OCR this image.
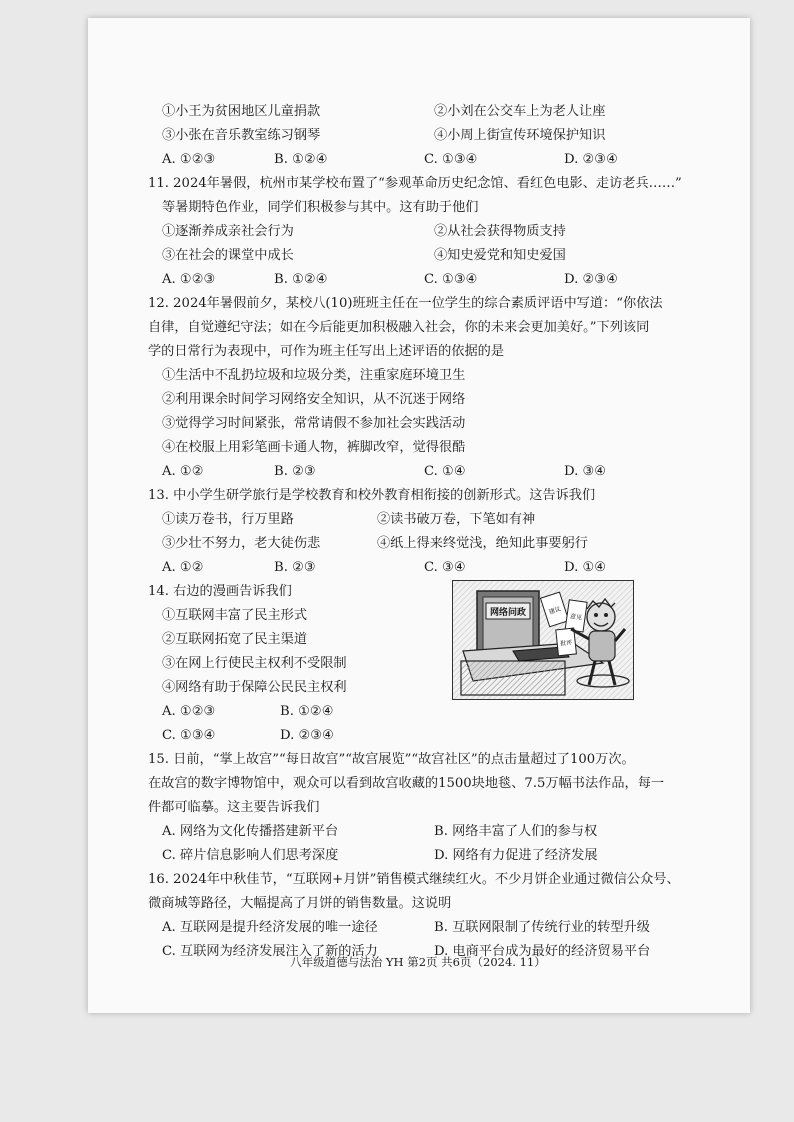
①小王为贫困地区儿童捐款	②小刘在公交车上为老人让座
③小张在音乐教室练习钢琴	④小周上街宣传环境保护知识
A. ①②③	B. ①②④	C. ①③④	D. ②③④
11. 2024年暑假，杭州市某学校布置了“参观革命历史纪念馆、看红色电影、走访老兵……”
等暑期特色作业，同学们积极参与其中。这有助于他们
①逐渐养成亲社会行为	②从社会获得物质支持
③在社会的课堂中成长	④知史爱党和知史爱国
A. ①②③	B. ①②④	C. ①③④	D. ②③④
12. 2024年暑假前夕，某校八(10)班班主任在一位学生的综合素质评语中写道：“你依法
自律，自觉遵纪守法；如在今后能更加积极融入社会，你的未来会更加美好。”下列该同
学的日常行为表现中，可作为班主任写出上述评语的依据的是
①生活中不乱扔垃圾和垃圾分类，注重家庭环境卫生
②利用课余时间学习网络安全知识，从不沉迷于网络
③觉得学习时间紧张，常常请假不参加社会实践活动
④在校服上用彩笔画卡通人物，裤脚改窄，觉得很酷
A. ①②	B. ②③	C. ①④	D. ③④
13. 中小学生研学旅行是学校教育和校外教育相衔接的创新形式。这告诉我们
①读万卷书，行万里路	②读书破万卷，下笔如有神
③少壮不努力，老大徒伤悲	④纸上得来终觉浅，绝知此事要躬行
A. ①②	B. ②③	C. ③④	D. ①④
14. 右边的漫画告诉我们
①互联网丰富了民主形式
②互联网拓宽了民主渠道
③在网上行使民主权利不受限制
④网络有助于保障公民民主权利
A. ①②③	B. ①②④
C. ①③④	D. ②③④
网络问政	建议
意见
批评
15. 日前，“掌上故宫”“每日故宫”“故宫展览”“故宫社区”的点击量超过了100万次。
在故宫的数字博物馆中，观众可以看到故宫收藏的1500块地毯、7.5万幅书法作品，每一
件都可临摹。这主要告诉我们
A. 网络为文化传播搭建新平台	B. 网络丰富了人们的参与权
C. 碎片信息影响人们思考深度	D. 网络有力促进了经济发展
16. 2024年中秋佳节，“互联网+月饼”销售模式继续红火。不少月饼企业通过微信公众号、
微商城等路径，大幅提高了月饼的销售数量。这说明
A. 互联网是提升经济发展的唯一途径	B. 互联网限制了传统行业的转型升级
C. 互联网为经济发展注入了新的活力	D. 电商平台成为最好的经济贸易平台
八年级道德与法治 YH 第2页 共6页（2024. 11）
